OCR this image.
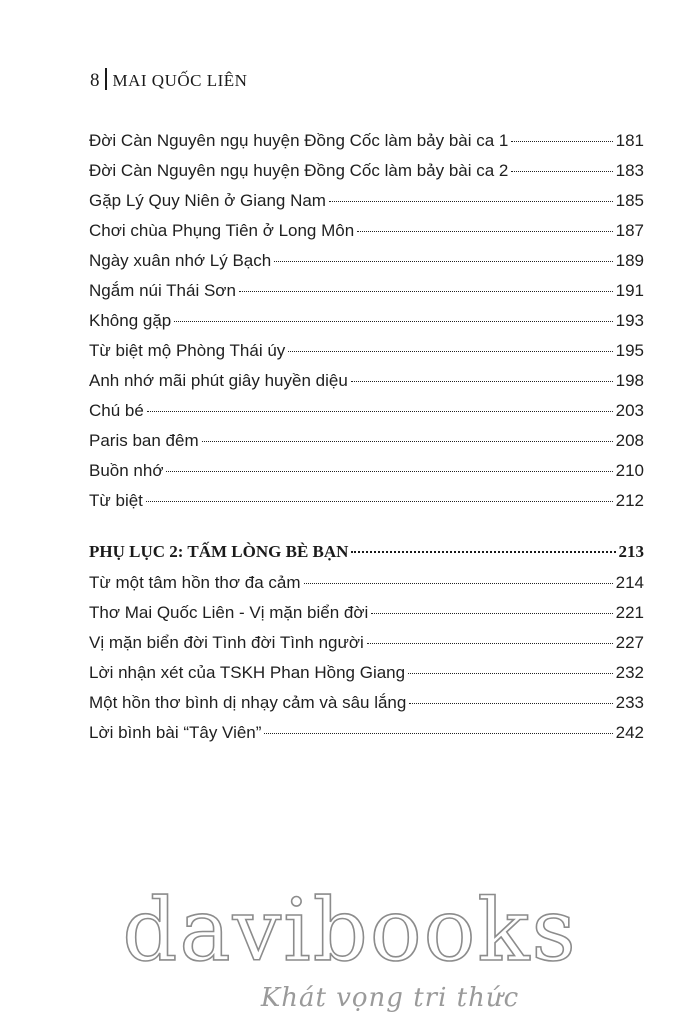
8 MAI QUỐC LIÊN
Đời Càn Nguyên ngụ huyện Đồng Cốc làm bảy bài ca 1	181
Đời Càn Nguyên ngụ huyện Đồng Cốc làm bảy bài ca 2	183
Gặp Lý Quy Niên ở Giang Nam	185
Chơi chùa Phụng Tiên ở Long Môn	187
Ngày xuân nhớ Lý Bạch	189
Ngắm núi Thái Sơn	191
Không gặp	193
Từ biệt mộ Phòng Thái úy	195
Anh nhớ mãi phút giây huyền diệu	198
Chú bé	203
Paris ban đêm	208
Buồn nhớ	210
Từ biệt	212
PHỤ LỤC 2: TẤM LÒNG BÈ BẠN	213
Từ một tâm hồn thơ đa cảm	214
Thơ Mai Quốc Liên - Vị mặn biển đời	221
Vị mặn biển đời Tình đời Tình người	227
Lời nhận xét của TSKH Phan Hồng Giang	232
Một hồn thơ bình dị nhạy cảm và sâu lắng	233
Lời bình bài “Tây Viên”	242
davibooks
Khát vọng tri thức
